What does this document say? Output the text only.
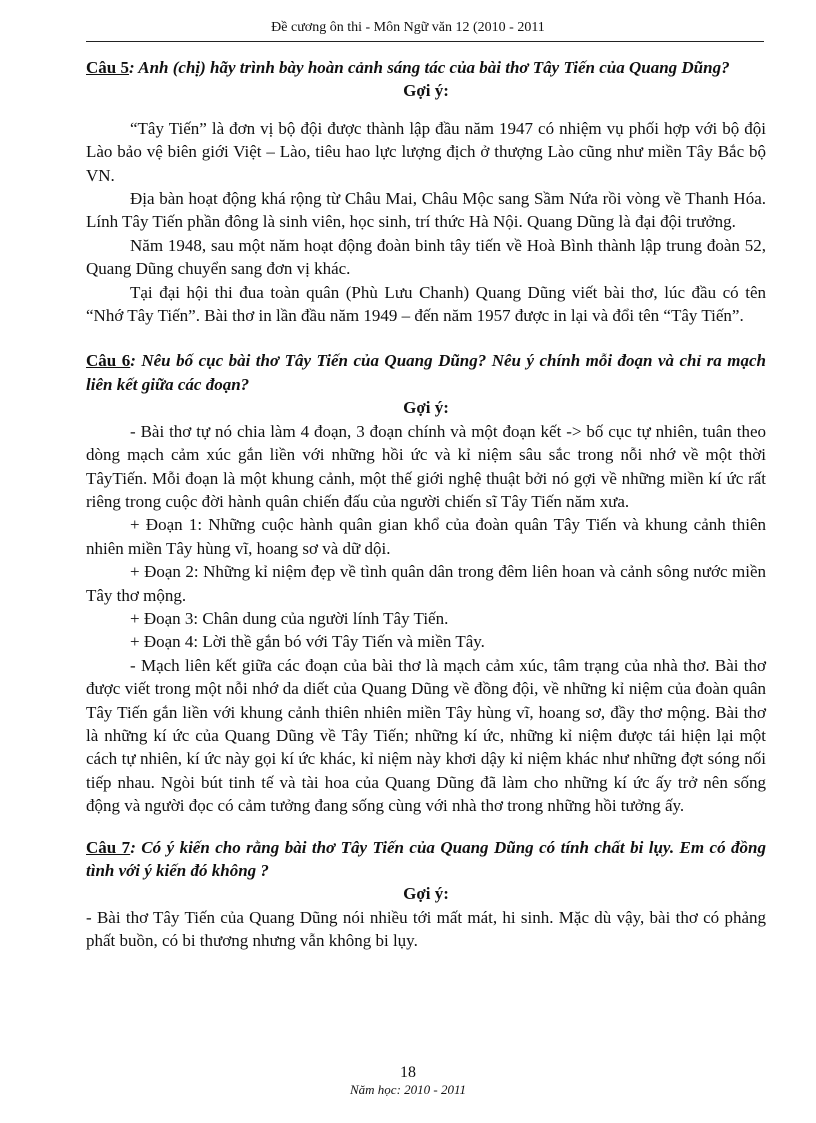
Đề cương ôn thi - Môn Ngữ văn 12 (2010 - 2011

Câu 5: Anh (chị) hãy trình bày hoàn cảnh sáng tác của bài thơ Tây Tiến của Quang Dũng?

Gợi ý:

“Tây Tiến” là đơn vị bộ đội được thành lập đầu năm 1947 có nhiệm vụ phối hợp với bộ đội Lào bảo vệ biên giới Việt – Lào, tiêu hao lực lượng địch ở thượng Lào cũng như miền Tây Bắc bộ VN.

Địa bàn hoạt động khá rộng từ Châu Mai, Châu Mộc sang Sầm Nứa rồi vòng về Thanh Hóa. Lính Tây Tiến phần đông là sinh viên, học sinh, trí thức Hà Nội. Quang Dũng là đại đội trưởng.

Năm 1948, sau một năm hoạt động đoàn binh tây tiến về Hoà Bình thành lập trung đoàn 52, Quang Dũng chuyển sang đơn vị khác.

Tại đại hội thi đua toàn quân (Phù Lưu Chanh) Quang Dũng viết bài thơ, lúc đầu có tên “Nhớ Tây Tiến”. Bài thơ in lần đầu năm 1949 – đến năm 1957 được in lại và đổi tên “Tây Tiến”.

Câu 6: Nêu bố cục bài thơ Tây Tiến của Quang Dũng? Nêu ý chính mỗi đoạn và chỉ ra mạch liên kết giữa các đoạn?

Gợi ý:

- Bài thơ tự nó chia làm 4 đoạn, 3 đoạn chính và một đoạn kết -> bố cục tự nhiên, tuân theo dòng mạch cảm xúc gắn liền với những hồi ức và kỉ niệm sâu sắc trong nỗi nhớ về một thời TâyTiến. Mỗi đoạn là một khung cảnh, một thế giới nghệ thuật bởi nó gợi về những miền kí ức rất riêng trong cuộc đời hành quân chiến đấu của người chiến sĩ Tây Tiến năm xưa.

+ Đoạn 1: Những cuộc hành quân gian khổ của đoàn quân Tây Tiến và khung cảnh thiên nhiên miền Tây hùng vĩ, hoang sơ và dữ dội.

+ Đoạn 2: Những kỉ niệm đẹp về tình quân dân trong đêm liên hoan và cảnh sông nước miền Tây thơ mộng.

+ Đoạn 3: Chân dung của người lính Tây Tiến.

+ Đoạn 4: Lời thề gắn bó với Tây Tiến và miền Tây.

- Mạch liên kết giữa các đoạn của bài thơ là mạch cảm xúc, tâm trạng của nhà thơ. Bài thơ được viết trong một nỗi nhớ da diết của Quang Dũng về đồng đội, về những kỉ niệm của đoàn quân Tây Tiến gắn liền với khung cảnh thiên nhiên miền Tây hùng vĩ, hoang sơ, đầy thơ mộng. Bài thơ là những kí ức của Quang Dũng về Tây Tiến; những kí ức, những kỉ niệm được tái hiện lại một cách tự nhiên, kí ức này gọi kí ức khác, kỉ niệm này khơi dậy kỉ niệm khác như những đợt sóng nối tiếp nhau. Ngòi bút tinh tế và tài hoa của Quang Dũng đã làm cho những kí ức ấy trở nên sống động và người đọc có cảm tưởng đang sống cùng với nhà thơ trong những hồi tưởng ấy.

Câu 7: Có ý kiến cho rằng bài thơ Tây Tiến của Quang Dũng có tính chất bi lụy. Em có đồng tình với ý kiến đó không ?

Gợi ý:

- Bài thơ Tây Tiến của Quang Dũng nói nhiều tới mất mát, hi sinh. Mặc dù vậy, bài thơ có phảng phất buồn, có bi thương nhưng vẫn không bi lụy.

18
Năm học: 2010 - 2011
